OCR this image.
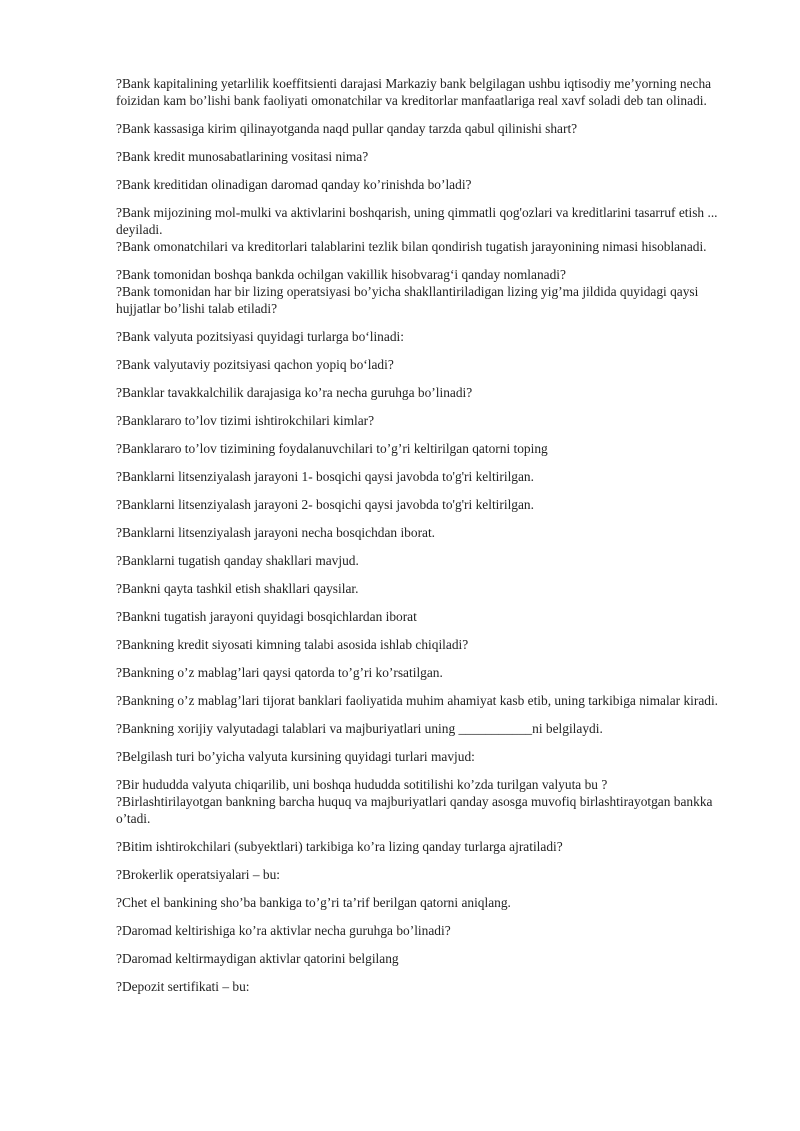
?Bank kapitalining yetarlilik koeffitsienti darajasi Markaziy bank belgilagan ushbu iqtisodiy me’yorning necha foizidan kam bo’lishi bank faoliyati omonatchilar va kreditorlar manfaatlariga real xavf soladi deb tan olinadi.

?Bank kassasiga kirim qilinayotganda naqd pullar qanday tarzda qabul qilinishi shart?

?Bank kredit munosabatlarining vositasi nima?

?Bank kreditidan olinadigan daromad qanday ko’rinishda bo’ladi?

?Bank mijozining mol-mulki va aktivlarini boshqarish, uning qimmatli qog'ozlari va kreditlarini tasarruf etish ... deyiladi.

?Bank omonatchilari va kreditorlari talablarini tezlik bilan qondirish tugatish jarayonining nimasi hisoblanadi.

?Bank tomonidan boshqa bankda ochilgan vakillik hisobvarag‘i qanday nomlanadi?

?Bank tomonidan har bir lizing operatsiyasi bo’yicha shakllantiriladigan lizing yig’ma jildida quyidagi qaysi hujjatlar bo’lishi talab etiladi?

?Bank valyuta pozitsiyasi quyidagi turlarga bo‘linadi:

?Bank valyutaviy pozitsiyasi qachon yopiq bo‘ladi?

?Banklar tavakkalchilik darajasiga ko’ra necha guruhga bo’linadi?

?Banklararo to’lov tizimi ishtirokchilari kimlar?

?Banklararo to’lov tizimining foydalanuvchilari to’g’ri keltirilgan qatorni toping

?Banklarni litsenziyalash jarayoni 1- bosqichi qaysi javobda to'g'ri keltirilgan.

?Banklarni litsenziyalash jarayoni 2- bosqichi qaysi javobda to'g'ri keltirilgan.

?Banklarni litsenziyalash jarayoni necha bosqichdan iborat.

?Banklarni tugatish qanday shakllari mavjud.

?Bankni qayta tashkil etish shakllari qaysilar.

?Bankni tugatish jarayoni quyidagi bosqichlardan iborat

?Bankning kredit siyosati kimning talabi asosida ishlab chiqiladi?

?Bankning o’z mablag’lari qaysi qatorda to’g’ri ko’rsatilgan.

?Bankning o’z mablag’lari tijorat banklari faoliyatida muhim ahamiyat kasb etib, uning tarkibiga nimalar kiradi.

?Bankning xorijiy valyutadagi talablari va majburiyatlari uning ___________ni belgilaydi.

?Belgilash turi bo’yicha valyuta kursining quyidagi turlari mavjud:

?Bir hududda valyuta chiqarilib, uni boshqa hududda sotitilishi ko’zda turilgan valyuta bu ?

?Birlashtirilayotgan bankning barcha huquq va majburiyatlari qanday asosga muvofiq birlashtirayotgan bankka o’tadi.

?Bitim ishtirokchilari (subyektlari) tarkibiga ko’ra lizing qanday turlarga ajratiladi?

?Brokerlik operatsiyalari – bu:

?Chet el bankining sho’ba bankiga to’g’ri ta’rif berilgan qatorni aniqlang.

?Daromad keltirishiga ko’ra aktivlar necha guruhga bo’linadi?

?Daromad keltirmaydigan aktivlar qatorini belgilang

?Depozit sertifikati – bu:
